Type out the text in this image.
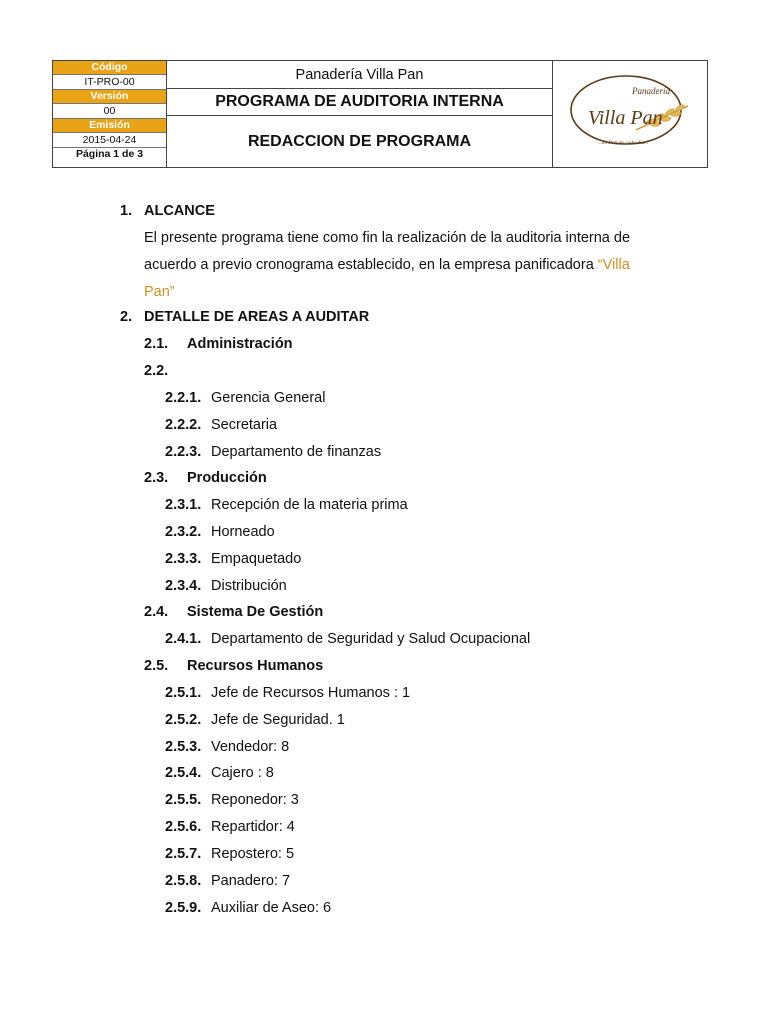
Código
IT-PRO-00
Versión
00
Emisión
2015-04-24
Página 1 de 3
Panadería Villa Pan
PROGRAMA DE AUDITORIA INTERNA
REDACCION DE PROGRAMA
Panadería
Villa Pan
...El Pan de cada día...
1. ALCANCE
El presente programa tiene como fin la realización de la auditoria interna de
acuerdo a previo cronograma establecido, en la empresa panificadora “Villa
Pan”
2. DETALLE DE AREAS A AUDITAR
2.1. Administración
2.2.
2.2.1. Gerencia General
2.2.2. Secretaria
2.2.3. Departamento de finanzas
2.3. Producción
2.3.1. Recepción de la materia prima
2.3.2. Horneado
2.3.3. Empaquetado
2.3.4. Distribución
2.4. Sistema De Gestión
2.4.1. Departamento de Seguridad y Salud Ocupacional
2.5. Recursos Humanos
2.5.1. Jefe de Recursos Humanos : 1
2.5.2. Jefe de Seguridad. 1
2.5.3. Vendedor: 8
2.5.4. Cajero : 8
2.5.5. Reponedor: 3
2.5.6. Repartidor: 4
2.5.7. Repostero: 5
2.5.8. Panadero: 7
2.5.9. Auxiliar de Aseo: 6
